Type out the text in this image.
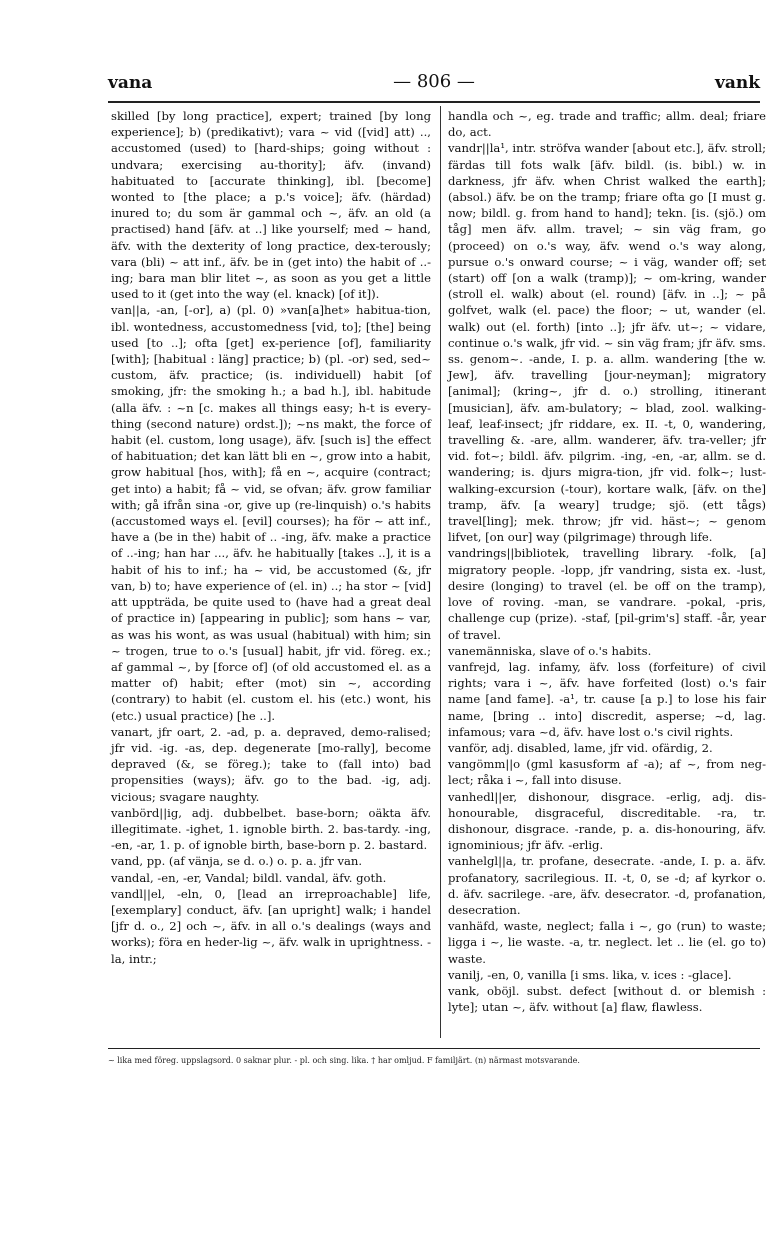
vana	— 806 —	vank
skilled [by long practice], expert; trained [by long experience]; b) (predikativt); vara ~ vid ([vid] att) .., accustomed (used) to [hard-ships; going without : undvara; exercising au-thority]; äfv. (invand) habituated to [accurate thinking], ibl. [become] wonted to [the place; a p.'s voice]; äfv. (härdad) inured to; du som är gammal och ~, äfv. an old (a practised) hand [äfv. at ..] like yourself; med ~ hand, äfv. with the dexterity of long practice, dex-terously; vara (bli) ~ att inf., äfv. be in (get into) the habit of ..-ing; bara man blir litet ~, as soon as you get a little used to it (get into the way (el. knack) [of it]).
van||a, -an, [-or], a) (pl. 0) »van[a]het» habitua-tion, ibl. wontedness, accustomedness [vid, to]; [the] being used [to ..]; ofta [get] ex-perience [of], familiarity [with]; [habitual : läng] practice; b) (pl. -or) sed, sed~ custom, äfv. practice; (is. individuell) habit [of smoking, jfr: the smoking h.; a bad h.], ibl. habitude (alla äfv. : ~n [c. makes all things easy; h-t is every-thing (second nature) ordst.]); ~ns makt, the force of habit (el. custom, long usage), äfv. [such is] the effect of habituation; det kan lätt bli en ~, grow into a habit, grow habitual [hos, with]; få en ~, acquire (contract; get into) a habit; få ~ vid, se ofvan; äfv. grow familiar with; gå ifrån sina -or, give up (re-linquish) o.'s habits (accustomed ways el. [evil] courses); ha för ~ att inf., have a (be in the) habit of .. -ing, äfv. make a practice of ..-ing; han har ..., äfv. he habitually [takes ..], it is a habit of his to inf.; ha ~ vid, be accustomed (&, jfr van, b) to; have experience of (el. in) ..; ha stor ~ [vid] att uppträda, be quite used to (have had a great deal of practice in) [appearing in public]; som hans ~ var, as was his wont, as was usual (habitual) with him; sin ~ trogen, true to o.'s [usual] habit, jfr vid. föreg. ex.; af gammal ~, by [force of] (of old accustomed el. as a matter of) habit; efter (mot) sin ~, according (contrary) to habit (el. custom el. his (etc.) wont, his (etc.) usual practice) [he ..].
vanart, jfr oart, 2. -ad, p. a. depraved, demo-ralised; jfr vid. -ig. -as, dep. degenerate [mo-rally], become depraved (&, se föreg.); take to (fall into) bad propensities (ways); äfv. go to the bad. -ig, adj. vicious; svagare naughty.
vanbörd||ig, adj. dubbelbet. base-born; oäkta äfv. illegitimate. -ighet, 1. ignoble birth. 2. bas-tardy. -ing, -en, -ar, 1. p. of ignoble birth, base-born p. 2. bastard.
vand, pp. (af vänja, se d. o.) o. p. a. jfr van.
vandal, -en, -er, Vandal; bildl. vandal, äfv. goth.
vandl||el, -eln, 0, [lead an irreproachable] life, [exemplary] conduct, äfv. [an upright] walk; i handel [jfr d. o., 2] och ~, äfv. in all o.'s dealings (ways and works); föra en heder-lig ~, äfv. walk in uprightness. -la, intr.;
handla och ~, eg. trade and traffic; allm. deal; friare do, act.
vandr||la¹, intr. ströfva wander [about etc.], äfv. stroll; färdas till fots walk [äfv. bildl. (is. bibl.) w. in darkness, jfr äfv. when Christ walked the earth]; (absol.) äfv. be on the tramp; friare ofta go [I must g. now; bildl. g. from hand to hand]; tekn. [is. (sjö.) om tåg] men äfv. allm. travel; ~ sin väg fram, go (proceed) on o.'s way, äfv. wend o.'s way along, pursue o.'s onward course; ~ i väg, wander off; set (start) off [on a walk (tramp)]; ~ om-kring, wander (stroll el. walk) about (el. round) [äfv. in ..]; ~ på golfvet, walk (el. pace) the floor; ~ ut, wander (el. walk) out (el. forth) [into ..]; jfr äfv. ut~; ~ vidare, continue o.'s walk, jfr vid. ~ sin väg fram; jfr äfv. sms. ss. genom~. -ande, I. p. a. allm. wandering [the w. Jew], äfv. travelling [jour-neyman]; migratory [animal]; (kring~, jfr d. o.) strolling, itinerant [musician], äfv. am-bulatory; ~ blad, zool. walking-leaf, leaf-insect; jfr riddare, ex. II. -t, 0, wandering, travelling &. -are, allm. wanderer, äfv. tra-veller; jfr vid. fot~; bildl. äfv. pilgrim. -ing, -en, -ar, allm. se d. wandering; is. djurs migra-tion, jfr vid. folk~; lust- walking-excursion (-tour), kortare walk, [äfv. on the] tramp, äfv. [a weary] trudge; sjö. (ett tågs) travel[ling]; mek. throw; jfr vid. häst~; ~ genom lifvet, [on our] way (pilgrimage) through life.
vandrings||bibliotek, travelling library. -folk, [a] migratory people. -lopp, jfr vandring, sista ex. -lust, desire (longing) to travel (el. be off on the tramp), love of roving. -man, se vandrare. -pokal, -pris, challenge cup (prize). -staf, [pil-grim's] staff. -år, year of travel.
vanemänniska, slave of o.'s habits.
vanfrejd, lag. infamy, äfv. loss (forfeiture) of civil rights; vara i ~, äfv. have forfeited (lost) o.'s fair name [and fame]. -a¹, tr. cause [a p.] to lose his fair name, [bring .. into] discredit, asperse; ~d, lag. infamous; vara ~d, äfv. have lost o.'s civil rights.
vanför, adj. disabled, lame, jfr vid. ofärdig, 2.
vangömm||o (gml kasusform af -a); af ~, from neg-lect; råka i ~, fall into disuse.
vanhedl||er, dishonour, disgrace. -erlig, adj. dis-honourable, disgraceful, discreditable. -ra, tr. dishonour, disgrace. -rande, p. a. dis-honouring, äfv. ignominious; jfr äfv. -erlig.
vanhelgl||a, tr. profane, desecrate. -ande, I. p. a. äfv. profanatory, sacrilegious. II. -t, 0, se -d; af kyrkor o. d. äfv. sacrilege. -are, äfv. desecrator. -d, profanation, desecration.
vanhäfd, waste, neglect; falla i ~, go (run) to waste; ligga i ~, lie waste. -a, tr. neglect. let .. lie (el. go to) waste.
vanilj, -en, 0, vanilla [i sms. lika, v. ices : -glace].
vank, oböjl. subst. defect [without d. or blemish : lyte]; utan ~, äfv. without [a] flaw, flawless.
~ lika med föreg. uppslagsord. 0 saknar plur. - pl. och sing. lika. † har omljud. F familjärt. (n) närmast motsvarande.
